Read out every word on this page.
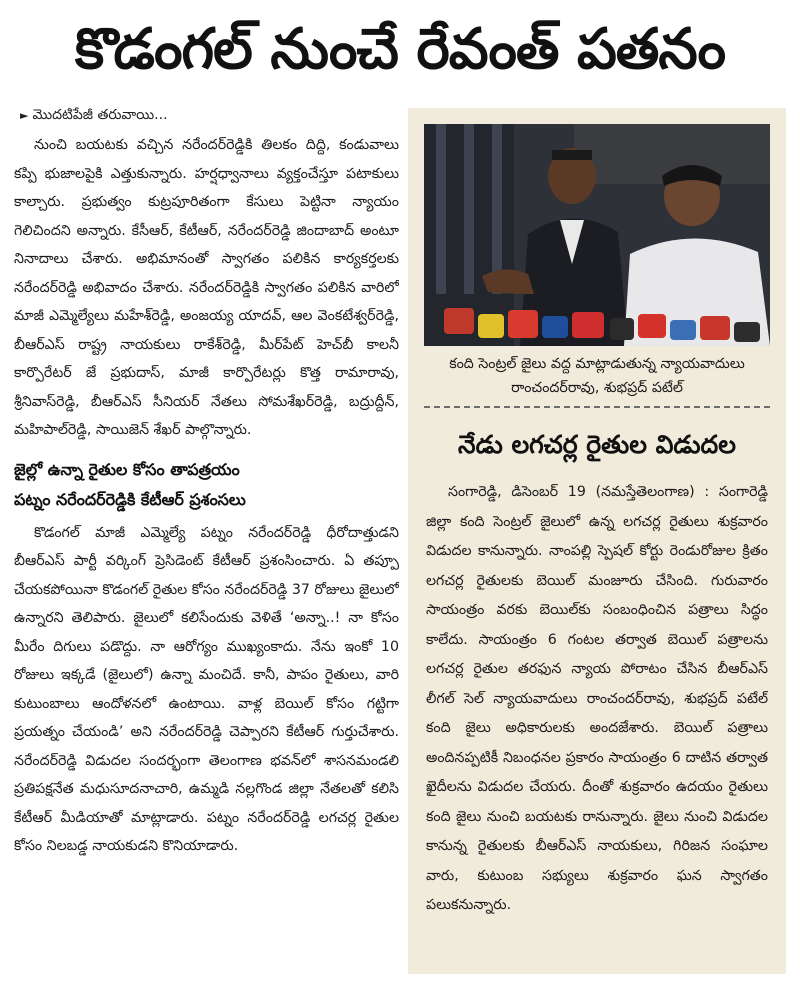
కొడంగల్ నుంచే రేవంత్ పతనం
► మొదటిపేజీ తరువాయి...

నుంచి బయటకు వచ్చిన నరేందర్‌రెడ్డికి తిలకం దిద్ది, కండువాలు కప్పి భుజాలపైకి ఎత్తుకున్నారు. హర్షధ్వానాలు వ్యక్తంచేస్తూ పటాకులు కాల్చారు. ప్రభుత్వం కుట్రపూరితంగా కేసులు పెట్టినా న్యాయం గెలిచిందని అన్నారు. కేసీఆర్, కేటీఆర్, నరేందర్‌రెడ్డి జిందాబాద్ అంటూ నినాదాలు చేశారు. అభిమానంతో స్వాగతం పలికిన కార్యకర్తలకు నరేందర్‌రెడ్డి అభివాదం చేశారు. నరేందర్‌రెడ్డికి స్వాగతం పలికిన వారిలో మాజీ ఎమ్మెల్యేలు మహేశ్‌రెడ్డి, అంజయ్య యాదవ్, ఆల వెంకటేశ్వర్‌రెడ్డి, బీఆర్‌ఎస్ రాష్ట్ర నాయకులు రాకేశ్‌రెడ్డి, మీర్‌పేట్ హెచ్‌బీ కాలనీ కార్పొరేటర్ జే ప్రభుదాస్, మాజీ కార్పొరేటర్లు కొత్త రామారావు, శ్రీనివాస్‌రెడ్డి, బీఆర్‌ఎస్ సీనియర్ నేతలు సోమశేఖర్‌రెడ్డి, బద్రుద్దీన్, మహిపాల్‌రెడ్డి, సాయిజెన్ శేఖర్ పాల్గొన్నారు.

జైల్లో ఉన్నా రైతుల కోసం తాపత్రయం

పట్నం నరేందర్‌రెడ్డికి కేటీఆర్ ప్రశంసలు

కొడంగల్ మాజీ ఎమ్మెల్యే పట్నం నరేందర్‌రెడ్డి ధీరోదాత్తుడని బీఆర్‌ఎస్ పార్టీ వర్కింగ్ ప్రెసిడెంట్ కేటీఆర్ ప్రశంసించారు. ఏ తప్పూ చేయకపోయినా కొడంగల్ రైతుల కోసం నరేందర్‌రెడ్డి 37 రోజులు జైలులో ఉన్నారని తెలిపారు. జైలులో కలిసేందుకు వెళితే ‘అన్నా..! నా కోసం మీరేం దిగులు పడొద్దు. నా ఆరోగ్యం ముఖ్యంకాదు. నేను ఇంకో 10 రోజులు ఇక్కడే (జైలులో) ఉన్నా మంచిదే. కానీ, పాపం రైతులు, వారి కుటుంబాలు ఆందోళనలో ఉంటాయి. వాళ్ల బెయిల్ కోసం గట్టిగా ప్రయత్నం చేయండి’ అని నరేందర్‌రెడ్డి చెప్పారని కేటీఆర్ గుర్తుచేశారు. నరేందర్‌రెడ్డి విడుదల సందర్భంగా తెలంగాణ భవన్‌లో శాసనమండలి ప్రతిపక్షనేత మధుసూదనాచారి, ఉమ్మడి నల్లగొండ జిల్లా నేతలతో కలిసి కేటీఆర్ మీడియాతో మాట్లాడారు. పట్నం నరేందర్‌రెడ్డి లగచర్ల రైతుల కోసం నిలబడ్డ నాయకుడని కొనియాడారు.

కంది సెంట్రల్ జైలు వద్ద మాట్లాడుతున్న న్యాయవాదులు రాంచందర్‌రావు, శుభప్రద్ పటేల్
నేడు లగచర్ల రైతుల విడుదల

సంగారెడ్డి, డిసెంబర్ 19 (నమస్తేతెలంగాణ) : సంగారెడ్డి జిల్లా కంది సెంట్రల్ జైలులో ఉన్న లగచర్ల రైతులు శుక్రవారం విడుదల కానున్నారు. నాంపల్లి స్పెషల్ కోర్టు రెండురోజుల క్రితం లగచర్ల రైతులకు బెయిల్ మంజూరు చేసింది. గురువారం సాయంత్రం వరకు బెయిల్‌కు సంబంధించిన పత్రాలు సిద్ధం కాలేదు. సాయంత్రం 6 గంటల తర్వాత బెయిల్ పత్రాలను లగచర్ల రైతుల తరఫున న్యాయ పోరాటం చేసిన బీఆర్‌ఎస్ లీగల్ సెల్ న్యాయవాదులు రాంచందర్‌రావు, శుభప్రద్ పటేల్ కంది జైలు అధికారులకు అందజేశారు. బెయిల్ పత్రాలు అందినప్పటికీ నిబంధనల ప్రకారం సాయంత్రం 6 దాటిన తర్వాత ఖైదీలను విడుదల చేయరు. దీంతో శుక్రవారం ఉదయం రైతులు కంది జైలు నుంచి బయటకు రానున్నారు. జైలు నుంచి విడుదల కానున్న రైతులకు బీఆర్‌ఎస్ నాయకులు, గిరిజన సంఘాల వారు, కుటుంబ సభ్యులు శుక్రవారం ఘన స్వాగతం పలుకనున్నారు.
